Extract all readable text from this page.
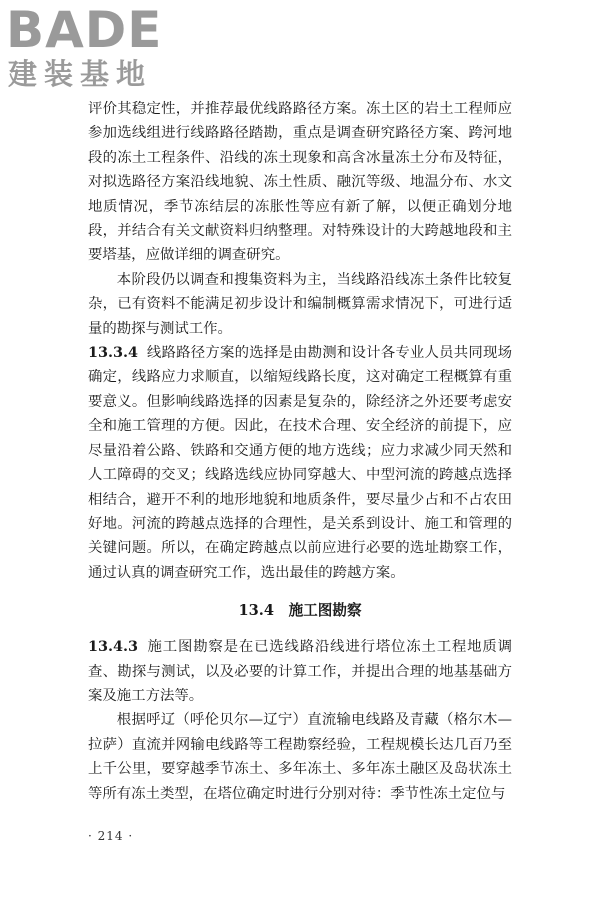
BADE
建装基地

评价其稳定性，并推荐最优线路路径方案。冻土区的岩土工程师应参加选线组进行线路路径踏勘，重点是调查研究路径方案、跨河地段的冻土工程条件、沿线的冻土现象和高含冰量冻土分布及特征，对拟选路径方案沿线地貌、冻土性质、融沉等级、地温分布、水文地质情况，季节冻结层的冻胀性等应有新了解，以便正确划分地段，并结合有关文献资料归纳整理。对特殊设计的大跨越地段和主要塔基，应做详细的调查研究。

本阶段仍以调查和搜集资料为主，当线路沿线冻土条件比较复杂，已有资料不能满足初步设计和编制概算需求情况下，可进行适量的勘探与测试工作。

13.3.4 线路路径方案的选择是由勘测和设计各专业人员共同现场确定，线路应力求顺直，以缩短线路长度，这对确定工程概算有重要意义。但影响线路选择的因素是复杂的，除经济之外还要考虑安全和施工管理的方便。因此，在技术合理、安全经济的前提下，应尽量沿着公路、铁路和交通方便的地方选线；应力求减少同天然和人工障碍的交叉；线路选线应协同穿越大、中型河流的跨越点选择相结合，避开不利的地形地貌和地质条件，要尽量少占和不占农田好地。河流的跨越点选择的合理性，是关系到设计、施工和管理的关键问题。所以，在确定跨越点以前应进行必要的选址勘察工作，通过认真的调查研究工作，选出最佳的跨越方案。

13.4 施工图勘察

13.4.3 施工图勘察是在已选线路沿线进行塔位冻土工程地质调查、勘探与测试，以及必要的计算工作，并提出合理的地基基础方案及施工方法等。

根据呼辽（呼伦贝尔—辽宁）直流输电线路及青藏（格尔木—拉萨）直流并网输电线路等工程勘察经验，工程规模长达几百乃至上千公里，要穿越季节冻土、多年冻土、多年冻土融区及岛状冻土等所有冻土类型，在塔位确定时进行分别对待：季节性冻土定位与

· 214 ·
